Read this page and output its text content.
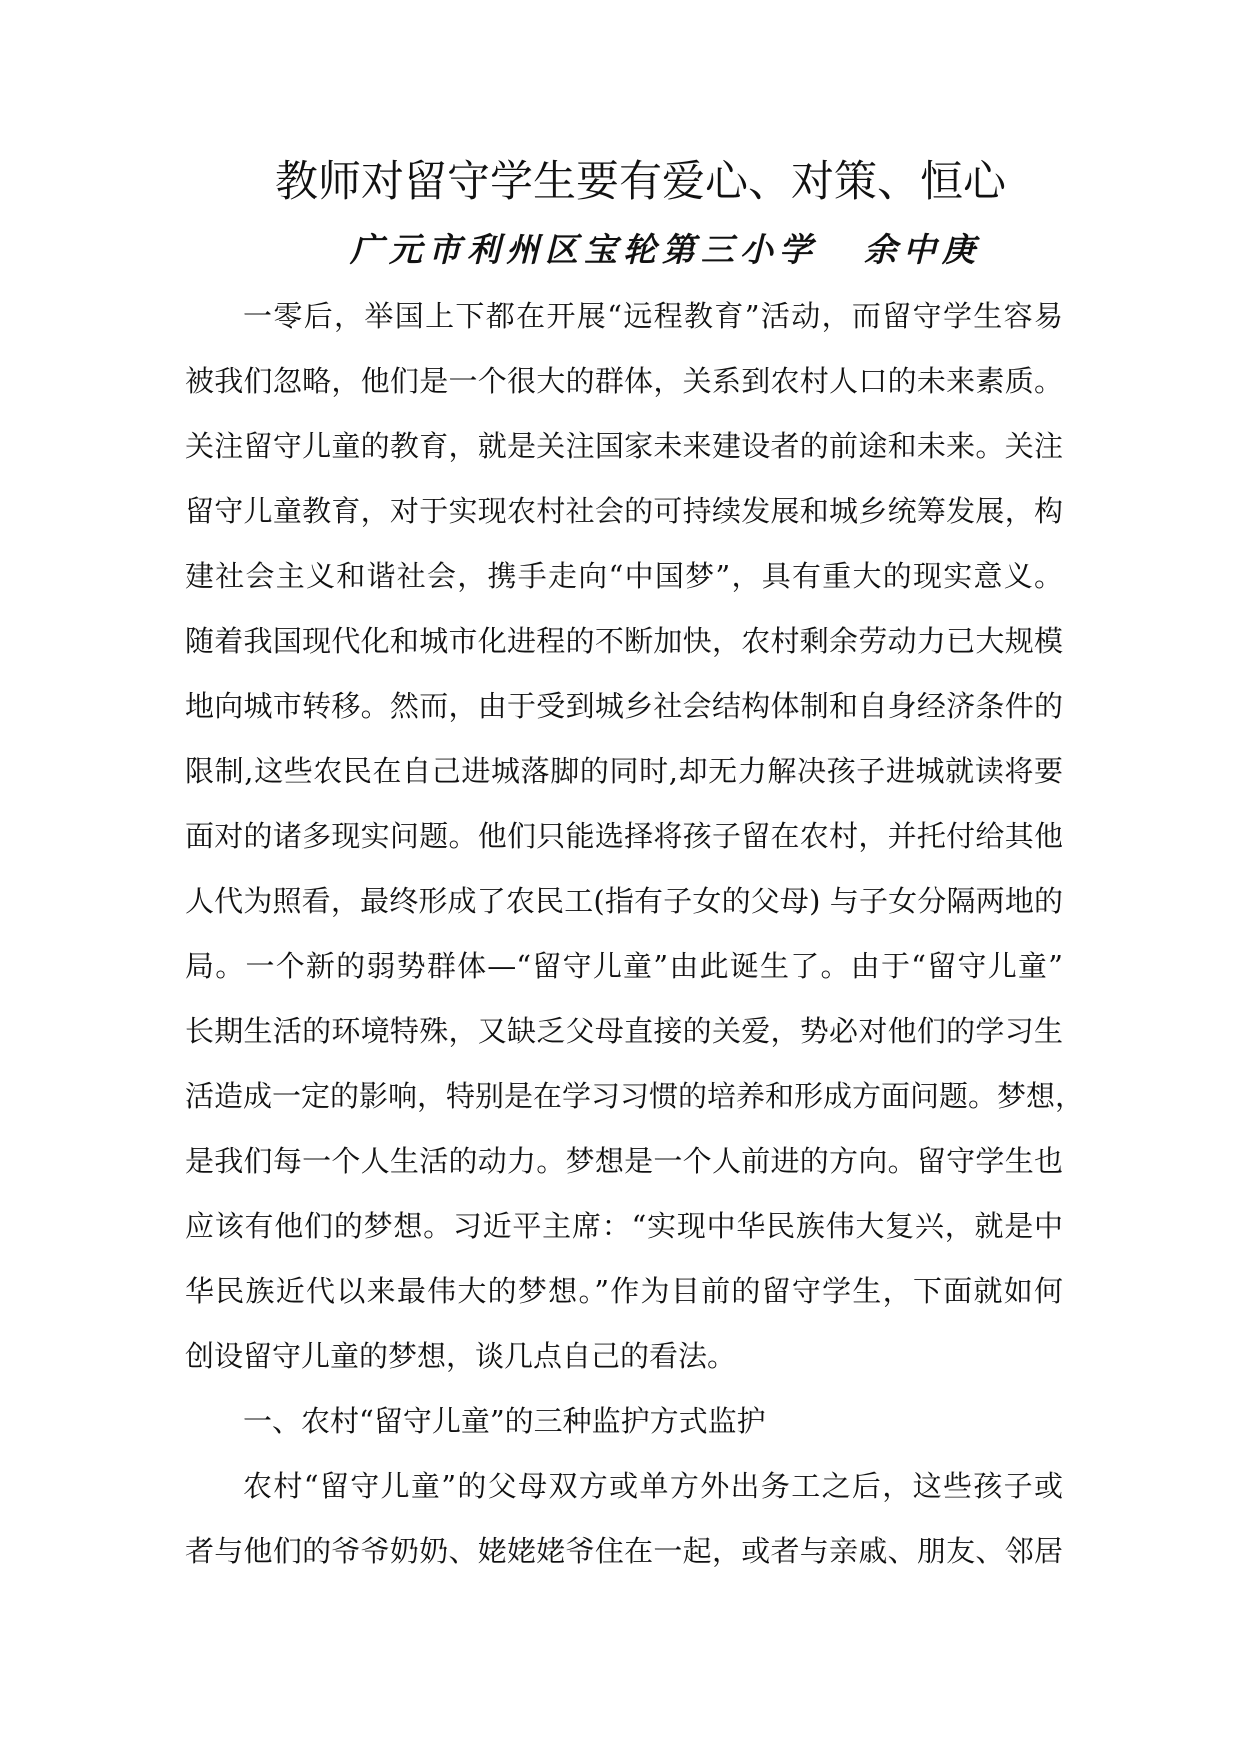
教师对留守学生要有爱心、对策、恒心
广元市利州区宝轮第三小学 余中庚
一零后，举国上下都在开展“远程教育”活动，而留守学生容易
被我们忽略，他们是一个很大的群体，关系到农村人口的未来素质。
关注留守儿童的教育，就是关注国家未来建设者的前途和未来。关注
留守儿童教育，对于实现农村社会的可持续发展和城乡统筹发展，构
建社会主义和谐社会，携手走向“中国梦”，具有重大的现实意义。
随着我国现代化和城市化进程的不断加快，农村剩余劳动力已大规模
地向城市转移。然而，由于受到城乡社会结构体制和自身经济条件的
限制,这些农民在自己进城落脚的同时,却无力解决孩子进城就读将要
面对的诸多现实问题。他们只能选择将孩子留在农村，并托付给其他
人代为照看，最终形成了农民工(指有子女的父母) 与子女分隔两地的
局。一个新的弱势群体—“留守儿童”由此诞生了。由于“留守儿童”
长期生活的环境特殊，又缺乏父母直接的关爱，势必对他们的学习生
活造成一定的影响，特别是在学习习惯的培养和形成方面问题。梦想，
是我们每一个人生活的动力。梦想是一个人前进的方向。留守学生也
应该有他们的梦想。习近平主席：“实现中华民族伟大复兴，就是中
华民族近代以来最伟大的梦想。”作为目前的留守学生，下面就如何
创设留守儿童的梦想，谈几点自己的看法。
一、农村“留守儿童”的三种监护方式监护
农村“留守儿童”的父母双方或单方外出务工之后，这些孩子或
者与他们的爷爷奶奶、姥姥姥爷住在一起，或者与亲戚、朋友、邻居
